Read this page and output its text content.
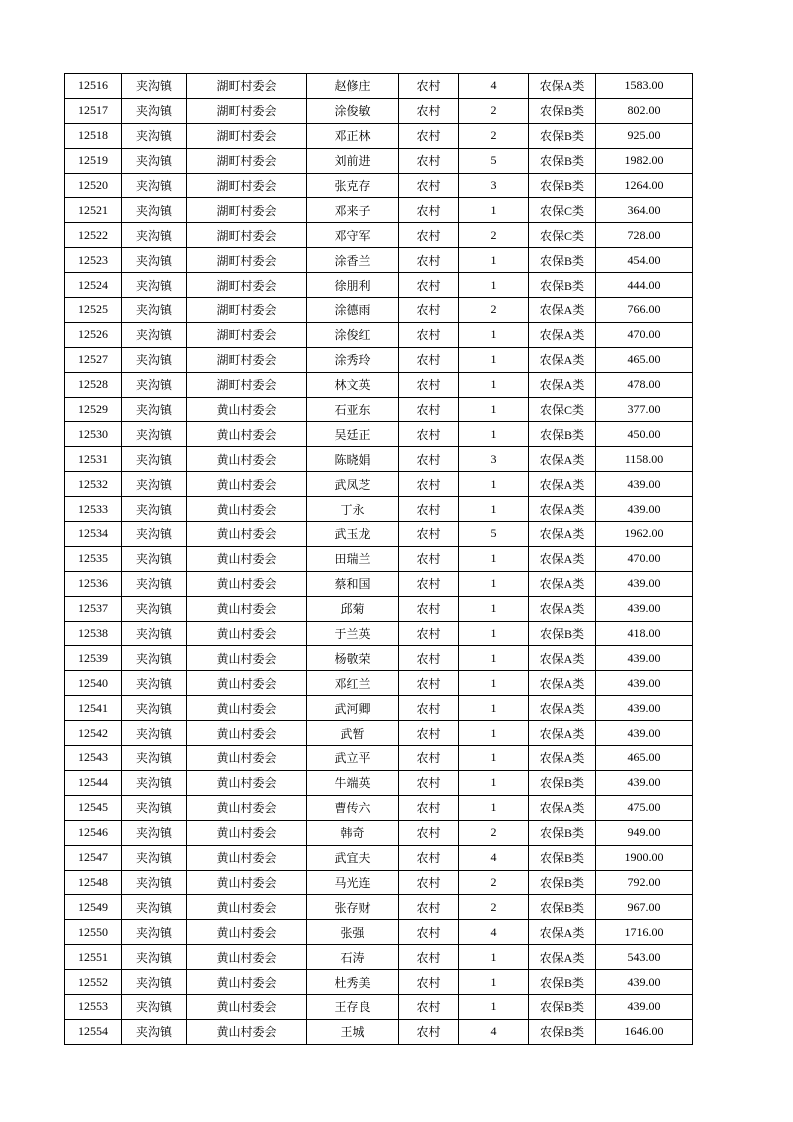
12516	夹沟镇	湖町村委会	赵修庄	农村	4	农保A类	1583.00
12517	夹沟镇	湖町村委会	涂俊敏	农村	2	农保B类	802.00
12518	夹沟镇	湖町村委会	邓正林	农村	2	农保B类	925.00
12519	夹沟镇	湖町村委会	刘前进	农村	5	农保B类	1982.00
12520	夹沟镇	湖町村委会	张克存	农村	3	农保B类	1264.00
12521	夹沟镇	湖町村委会	邓来子	农村	1	农保C类	364.00
12522	夹沟镇	湖町村委会	邓守军	农村	2	农保C类	728.00
12523	夹沟镇	湖町村委会	涂香兰	农村	1	农保B类	454.00
12524	夹沟镇	湖町村委会	徐朋利	农村	1	农保B类	444.00
12525	夹沟镇	湖町村委会	涂德雨	农村	2	农保A类	766.00
12526	夹沟镇	湖町村委会	涂俊红	农村	1	农保A类	470.00
12527	夹沟镇	湖町村委会	涂秀玲	农村	1	农保A类	465.00
12528	夹沟镇	湖町村委会	林文英	农村	1	农保A类	478.00
12529	夹沟镇	黄山村委会	石亚东	农村	1	农保C类	377.00
12530	夹沟镇	黄山村委会	吴廷正	农村	1	农保B类	450.00
12531	夹沟镇	黄山村委会	陈晓娟	农村	3	农保A类	1158.00
12532	夹沟镇	黄山村委会	武凤芝	农村	1	农保A类	439.00
12533	夹沟镇	黄山村委会	丁永	农村	1	农保A类	439.00
12534	夹沟镇	黄山村委会	武玉龙	农村	5	农保A类	1962.00
12535	夹沟镇	黄山村委会	田瑞兰	农村	1	农保A类	470.00
12536	夹沟镇	黄山村委会	蔡和国	农村	1	农保A类	439.00
12537	夹沟镇	黄山村委会	邱菊	农村	1	农保A类	439.00
12538	夹沟镇	黄山村委会	于兰英	农村	1	农保B类	418.00
12539	夹沟镇	黄山村委会	杨敬荣	农村	1	农保A类	439.00
12540	夹沟镇	黄山村委会	邓红兰	农村	1	农保A类	439.00
12541	夹沟镇	黄山村委会	武河卿	农村	1	农保A类	439.00
12542	夹沟镇	黄山村委会	武暂	农村	1	农保A类	439.00
12543	夹沟镇	黄山村委会	武立平	农村	1	农保A类	465.00
12544	夹沟镇	黄山村委会	牛端英	农村	1	农保B类	439.00
12545	夹沟镇	黄山村委会	曹传六	农村	1	农保A类	475.00
12546	夹沟镇	黄山村委会	韩奇	农村	2	农保B类	949.00
12547	夹沟镇	黄山村委会	武宜夫	农村	4	农保B类	1900.00
12548	夹沟镇	黄山村委会	马光连	农村	2	农保B类	792.00
12549	夹沟镇	黄山村委会	张存财	农村	2	农保B类	967.00
12550	夹沟镇	黄山村委会	张强	农村	4	农保A类	1716.00
12551	夹沟镇	黄山村委会	石涛	农村	1	农保A类	543.00
12552	夹沟镇	黄山村委会	杜秀美	农村	1	农保B类	439.00
12553	夹沟镇	黄山村委会	王存良	农村	1	农保B类	439.00
12554	夹沟镇	黄山村委会	王城	农村	4	农保B类	1646.00
